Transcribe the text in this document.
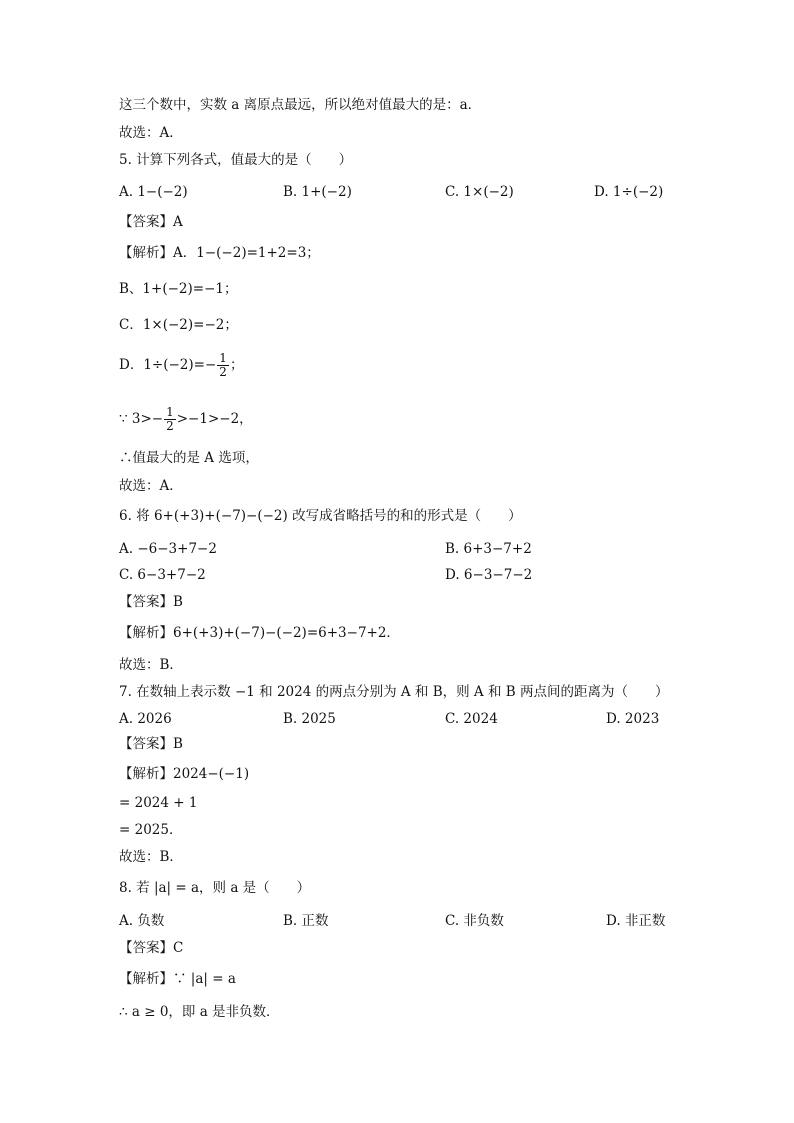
这三个数中，实数 a 离原点最远，所以绝对值最大的是：a．
故选：A．
5. 计算下列各式，值最大的是（　　）
A. 1−(−2)	B. 1+(−2)	C. 1×(−2)	D. 1÷(−2)
【答案】A
【解析】A．1−(−2)=1+2=3；
B、1+(−2)=−1；
C．1×(−2)=−2；
D．$1\div(-2)=- \frac{1}{2}$ ；
∵ $3>- \frac{1}{2} >-1>-2$，
∴值最大的是 A 选项，
故选：A．
6. 将 6+(+3)+(−7)−(−2) 改写成省略括号的和的形式是（　　）
A. −6−3+7−2	B. 6+3−7+2
C. 6−3+7−2	D. 6−3−7−2
【答案】B
【解析】6+(+3)+(−7)−(−2)=6+3−7+2．
故选：B．
7. 在数轴上表示数 −1 和 2024 的两点分别为 A 和 B，则 A 和 B 两点间的距离为（　　）
A. 2026	B. 2025	C. 2024	D. 2023
【答案】B
【解析】2024−(−1)
= 2024 + 1
= 2025．
故选：B．
8. 若 |a| = a，则 a 是（　　）
A. 负数	B. 正数	C. 非负数	D. 非正数
【答案】C
【解析】∵ |a| = a
∴ a ≥ 0，即 a 是非负数．
